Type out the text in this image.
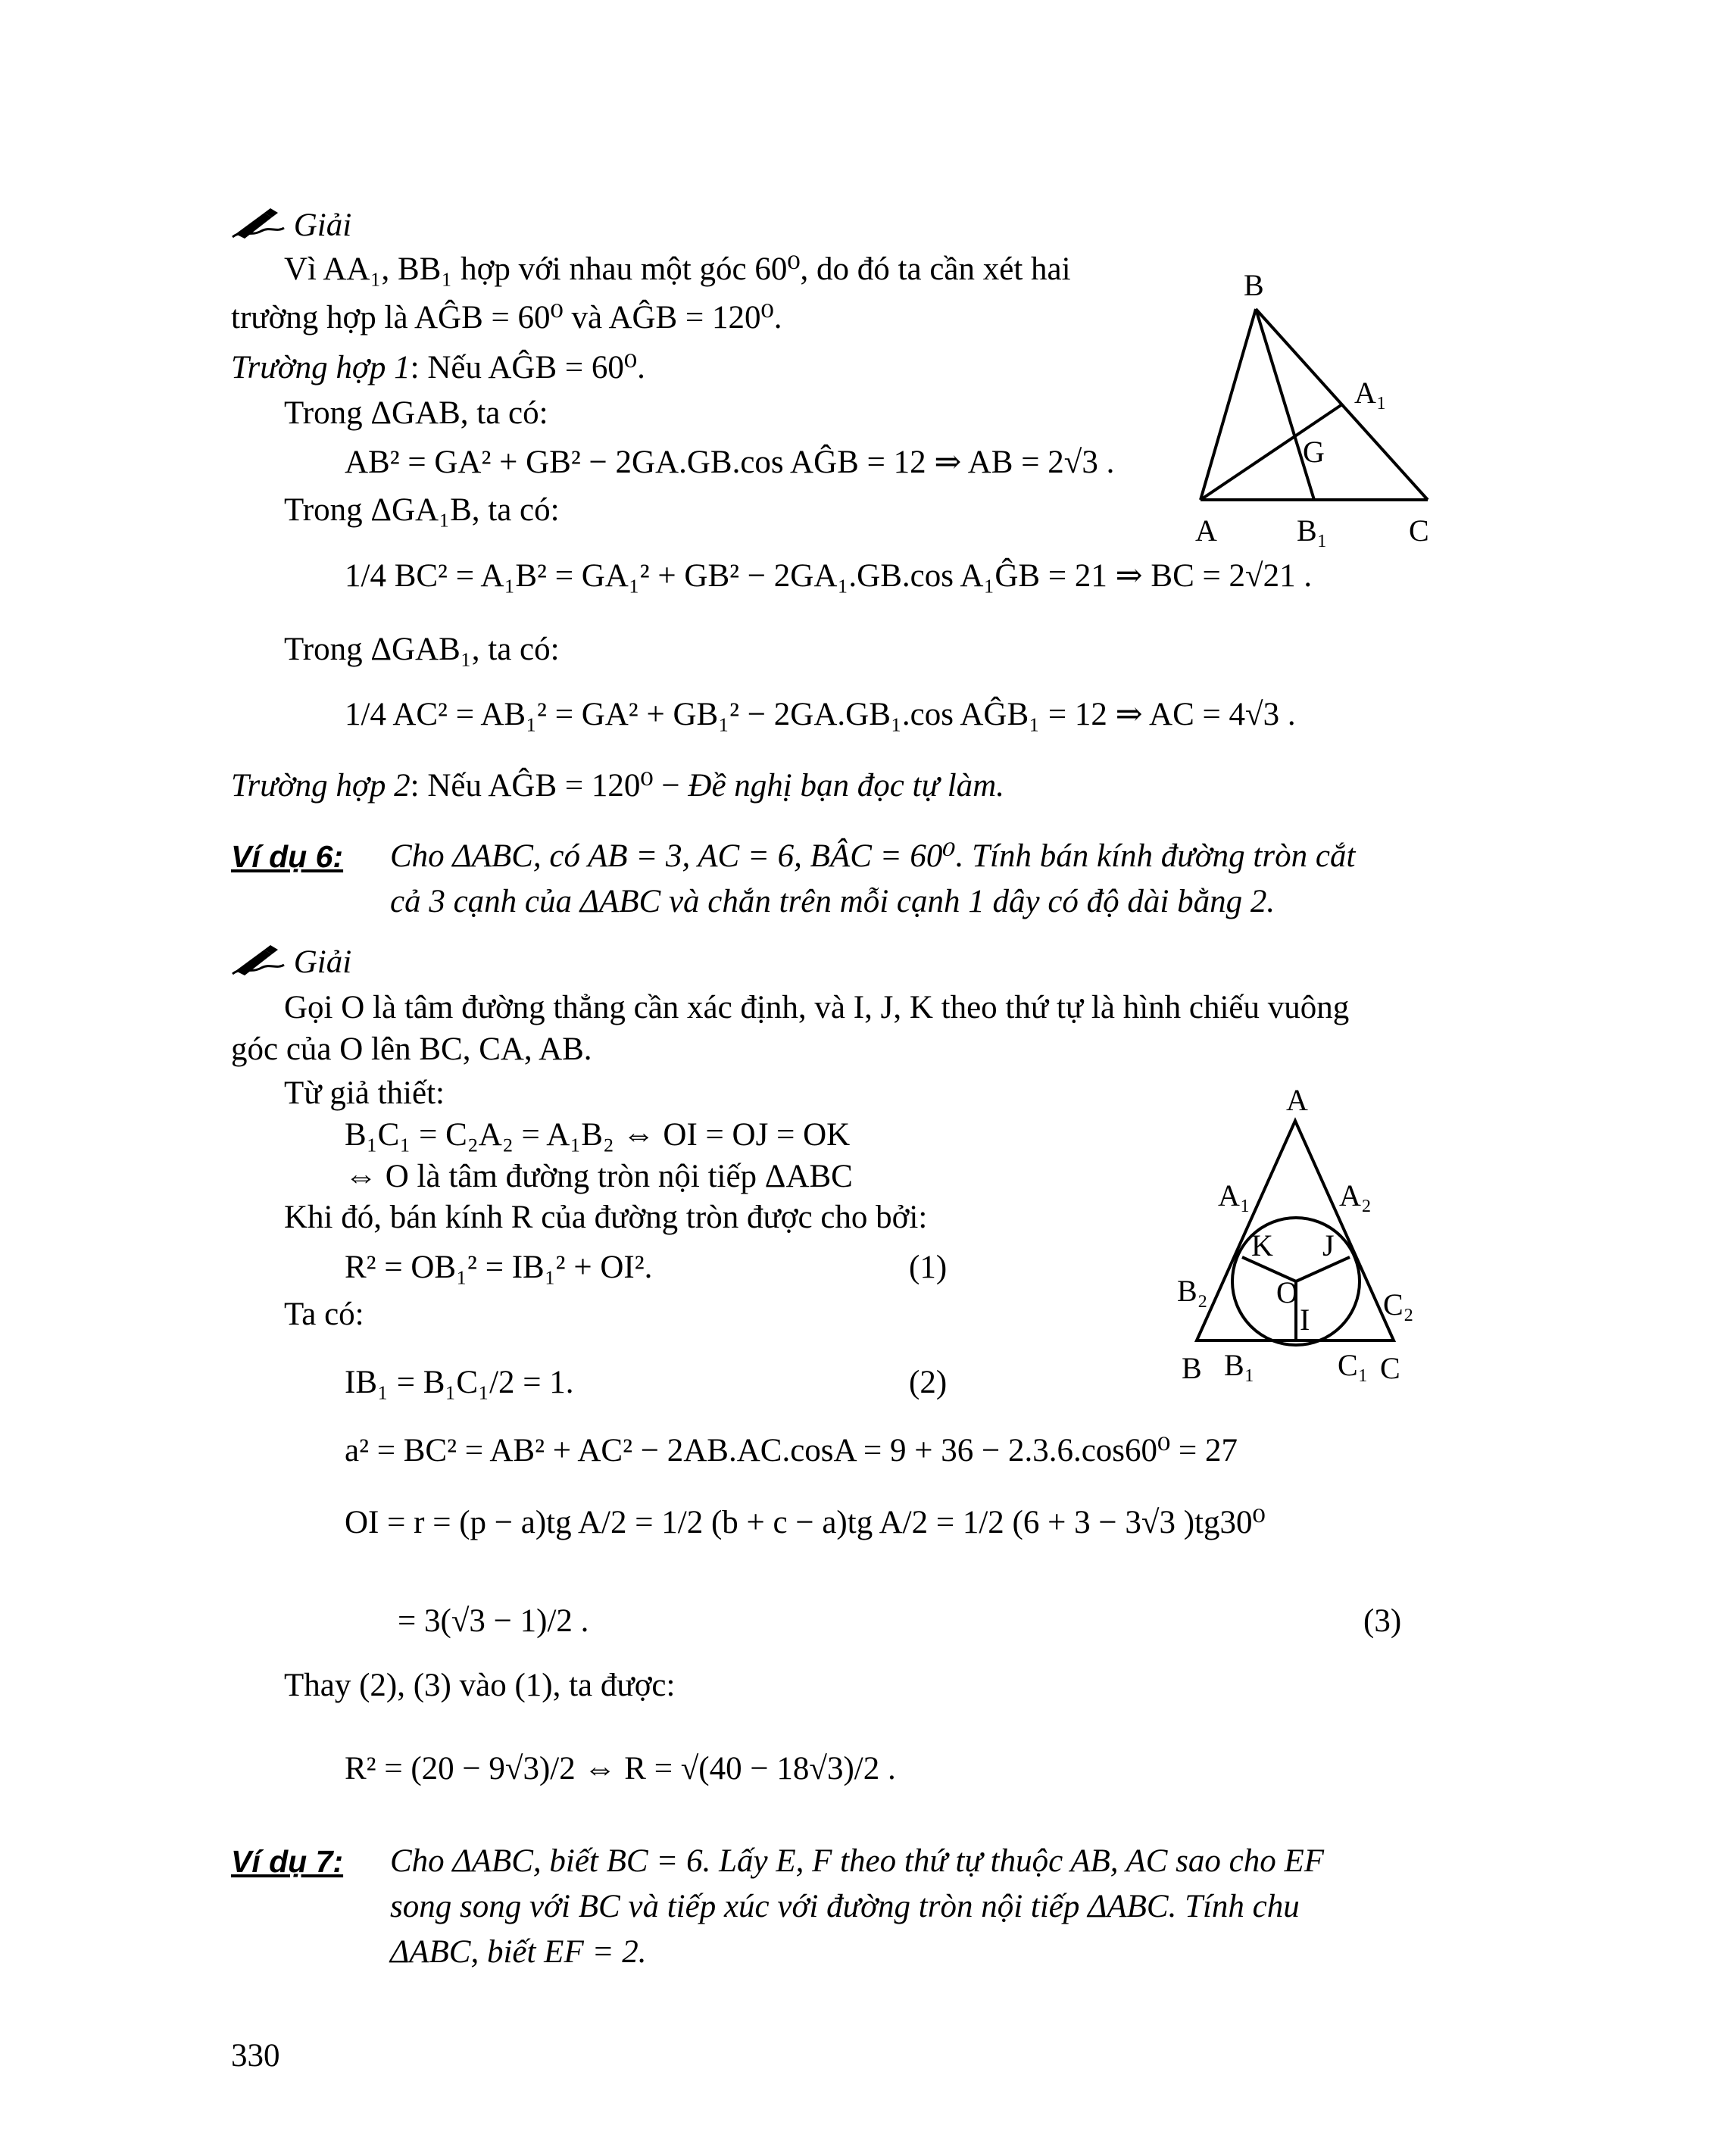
Giải
Vì AA₁, BB₁ hợp với nhau một góc 60⁰, do đó ta cần xét hai
trường hợp là AĜB = 60⁰ và AĜB = 120⁰.
Trường hợp 1: Nếu AĜB = 60⁰.
Trong ΔGAB, ta có:
AB² = GA² + GB² − 2GA.GB.cos AĜB = 12 ⇒ AB = 2√3 .
Trong ΔGA₁B, ta có:
1/4 BC² = A₁B² = GA₁² + GB² − 2GA₁.GB.cos A₁ĜB = 21 ⇒ BC = 2√21 .
Trong ΔGAB₁, ta có:
1/4 AC² = AB₁² = GA² + GB₁² − 2GA.GB₁.cos AĜB₁ = 12 ⇒ AC = 4√3 .
Trường hợp 2: Nếu AĜB = 120⁰ − Đề nghị bạn đọc tự làm.
B
A₁
G
A	B₁	C
Ví dụ 6: Cho ΔABC, có AB = 3, AC = 6, BÂC = 60⁰. Tính bán kính đường tròn cắt
cả 3 cạnh của ΔABC và chắn trên mỗi cạnh 1 dây có độ dài bằng 2.
Giải
Gọi O là tâm đường thẳng cần xác định, và I, J, K theo thứ tự là hình chiếu vuông
góc của O lên BC, CA, AB.
Từ giả thiết:
B₁C₁ = C₂A₂ = A₁B₂ ⇔ OI = OJ = OK
⇔ O là tâm đường tròn nội tiếp ΔABC
Khi đó, bán kính R của đường tròn được cho bởi:
R² = OB₁² = IB₁² + OI².	(1)
Ta có:
IB₁ = B₁C₁/2 = 1.	(2)
a² = BC² = AB² + AC² − 2AB.AC.cosA = 9 + 36 − 2.3.6.cos60⁰ = 27
OI = r = (p − a)tg A/2 = 1/2 (b + c − a)tg A/2 = 1/2 (6 + 3 − 3√3 )tg30⁰
= 3(√3 − 1)/2 .	(3)
Thay (2), (3) vào (1), ta được:
R² = (20 − 9√3)/2 ⇔ R = √(40 − 18√3)/2 .
A
A₁	A₂
K J
B₂ O	C₂
I
B B₁	C₁ C
Ví dụ 7: Cho ΔABC, biết BC = 6. Lấy E, F theo thứ tự thuộc AB, AC sao cho EF
song song với BC và tiếp xúc với đường tròn nội tiếp ΔABC. Tính chu
ΔABC, biết EF = 2.
330
